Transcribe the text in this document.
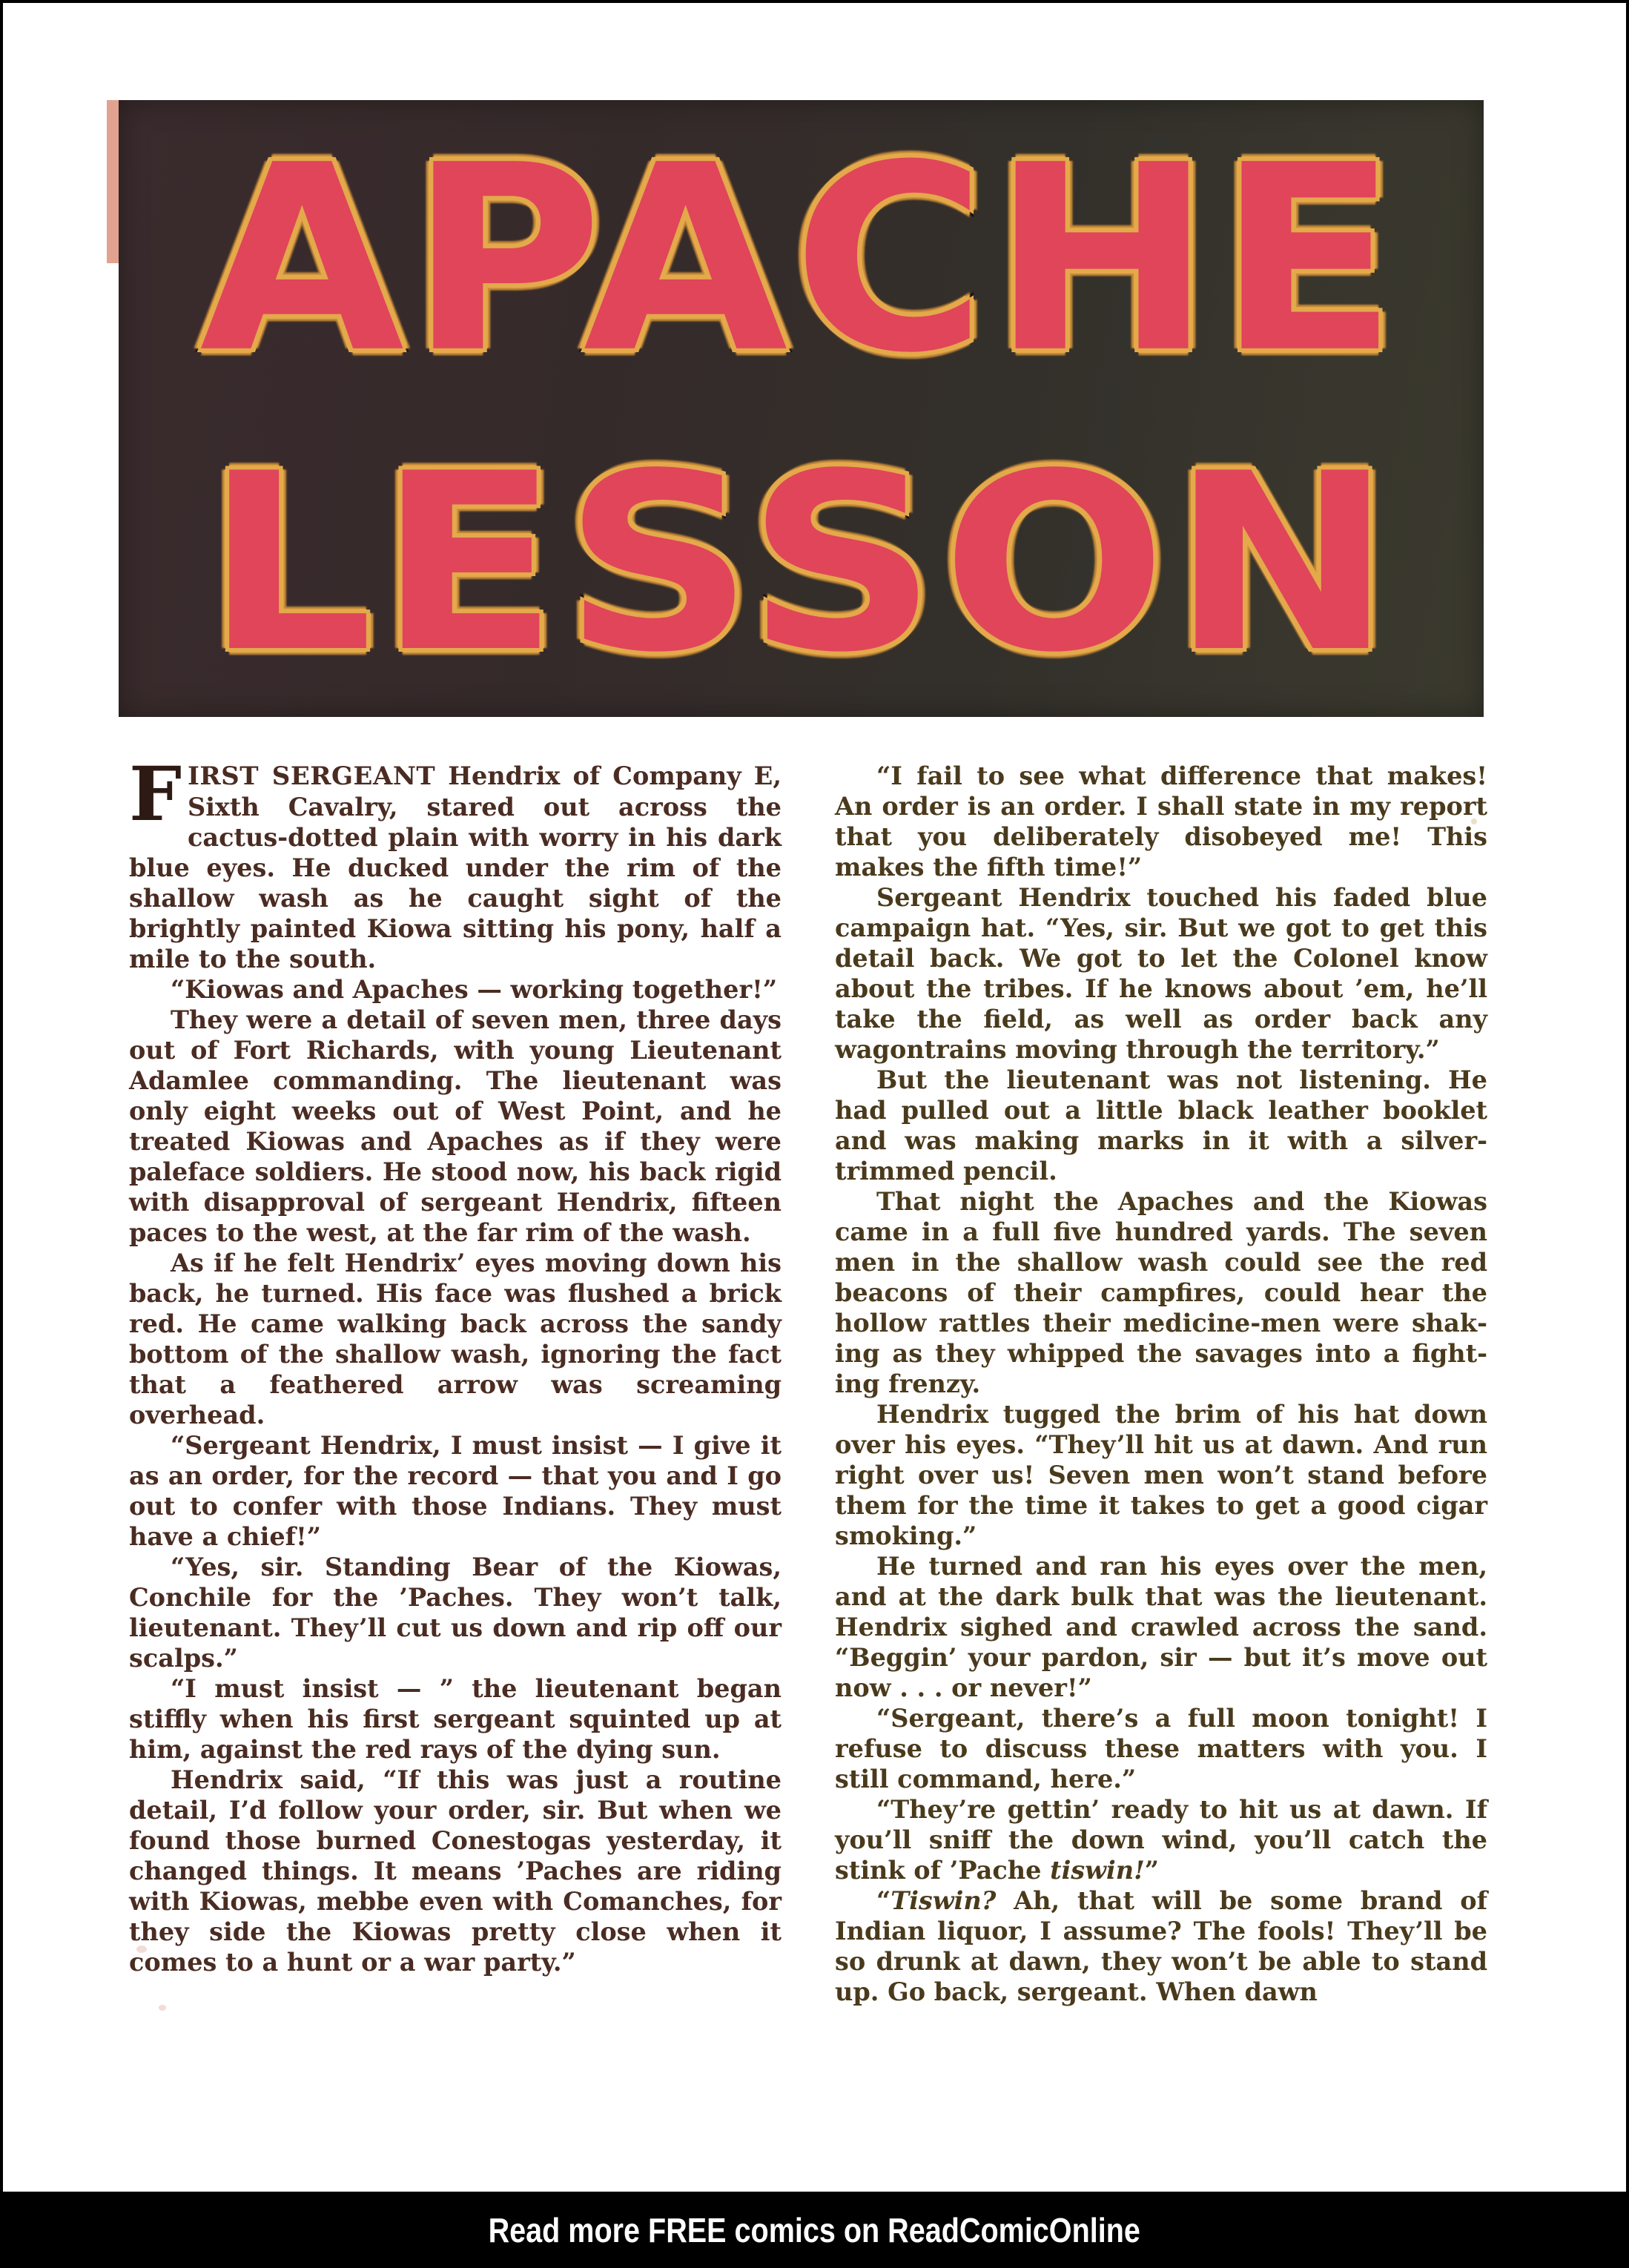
APACHE
LESSON

FIRST SERGEANT Hendrix of Company E, Sixth Cavalry, stared out across the cactus-dotted plain with worry in his dark blue eyes. He ducked under the rim of the shallow wash as he caught sight of the brightly painted Kiowa sitting his pony, half a mile to the south.

“Kiowas and Apaches — working together!”

They were a detail of seven men, three days out of Fort Richards, with young Lieutenant Adamlee commanding. The lieutenant was only eight weeks out of West Point, and he treated Kiowas and Apaches as if they were paleface soldiers. He stood now, his back rigid with disapproval of sergeant Hendrix, fifteen paces to the west, at the far rim of the wash.

As if he felt Hendrix’ eyes moving down his back, he turned. His face was flushed a brick red. He came walking back across the sandy bottom of the shallow wash, ignoring the fact that a feathered arrow was screaming overhead.

“Sergeant Hendrix, I must insist — I give it as an order, for the record — that you and I go out to confer with those Indians. They must have a chief!”

“Yes, sir. Standing Bear of the Kiowas, Conchile for the ’Paches. They won’t talk, lieutenant. They’ll cut us down and rip off our scalps.”

“I must insist — ” the lieutenant began stiffly when his first sergeant squinted up at him, against the red rays of the dying sun.

Hendrix said, “If this was just a routine detail, I’d follow your order, sir. But when we found those burned Conestogas yesterday, it changed things. It means ’Paches are riding with Kiowas, mebbe even with Comanches, for they side the Kiowas pretty close when it comes to a hunt or a war party.”

“I fail to see what difference that makes! An order is an order. I shall state in my report that you deliberately disobeyed me! This makes the fifth time!”

Sergeant Hendrix touched his faded blue campaign hat. “Yes, sir. But we got to get this detail back. We got to let the Colonel know about the tribes. If he knows about ’em, he’ll take the field, as well as order back any wagontrains moving through the territory.”

But the lieutenant was not listening. He had pulled out a little black leather booklet and was making marks in it with a silver-trimmed pencil.

That night the Apaches and the Kiowas came in a full five hundred yards. The seven men in the shallow wash could see the red beacons of their campfires, could hear the hollow rattles their medicine-men were shaking as they whipped the savages into a fighting frenzy.

Hendrix tugged the brim of his hat down over his eyes. “They’ll hit us at dawn. And run right over us! Seven men won’t stand before them for the time it takes to get a good cigar smoking.”

He turned and ran his eyes over the men, and at the dark bulk that was the lieutenant. Hendrix sighed and crawled across the sand. “Beggin’ your pardon, sir — but it’s move out now . . . or never!”

“Sergeant, there’s a full moon tonight! I refuse to discuss these matters with you. I still command, here.”

“They’re gettin’ ready to hit us at dawn. If you’ll sniff the down wind, you’ll catch the stink of ’Pache tiswin!”

“Tiswin? Ah, that will be some brand of Indian liquor, I assume? The fools! They’ll be so drunk at dawn, they won’t be able to stand up. Go back, sergeant. When dawn

Read more FREE comics on ReadComicOnline
